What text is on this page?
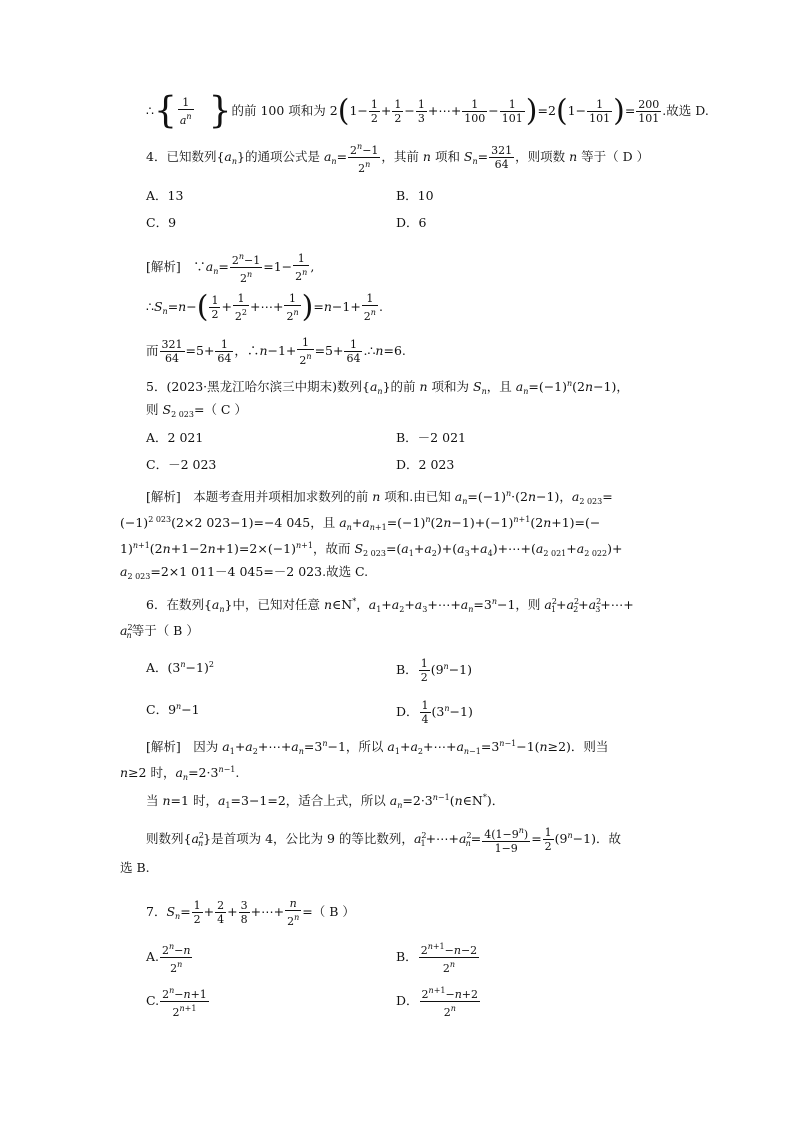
∴{ $\frac{1}{a^n}$ }的前 100 项和为 $2(1- \frac{1}{2} + \frac{1}{2} - \frac{1}{3}$ +⋯+ $\frac{1}{100} - \frac{1}{101} )=2(1- \frac{1}{101}$ )= $\frac{200}{101}$ .故选 D.
4．已知数列$\{a_n\}$的通项公式是 $a_n= \frac{2^n-1}{2^n}$ ，其前 n 项和 $S_n= \frac{321}{64}$ ，则项数 n 等于（ D ）
A．13	B．10
C．9	D．6
[解析]　$\because a_n= \frac{2^n-1}{2^n} =1- \frac{1}{2^n}$ ,
$\therefore S_n=n-( \frac{1}{2} + \frac{1}{2^2}$ +⋯+ $\frac{1}{2^n} )=n-1+ \frac{1}{2^n}$ .
而 $\frac{321}{64} =5+ \frac{1}{64}$ ，∴n−1+ $\frac{1}{2^n} =5+ \frac{1}{64}$ .∴n=6.
5．(2023·黑龙江哈尔滨三中期末)数列$\{a_n\}$的前 n 项和为 $S_n$，且 $a_n=(-1)^n(2n-1)$，
则 $S_{2 023}=$（ C ）
A．2 021	B．－2 021
C．－2 023	D．2 023
[解析]　 本题考查用并项相加求数列的前 n 项和.由已知 $a_n=(-1)^n\cdot(2n-1)$，$a_{2 023}=$
$(-1)^{2 023}(2\times 2$ 023−1)=−4 045，且 $a_n+a_{n+1}=(-1)^n(2n-1)+(-1)^{n+1}(2n+1)=(-$
$1)^{n+1}(2n+1-2n+1)=2\times(-1)^{n+1}$，故而 $S_{2 023}=(a_1+a_2)+(a_3+a_4)+\cdots+(a_{2 021}+a_{2 022})+$
$a_{2 023}=2\times 1$ 011－4 045=－2 023.故选 C.
6．在数列$\{a_n\}$中，已知对任意 n∈N*，$a_1+a_2+a_3+\cdots+a_n=3^n-1$，则 $a^2_1+a^2_2+a^2_3+\cdots+$
$a^2_n$等于（ B ）
A．$(3^n-1)^2$	B． $\frac{1}{2} (9^n-1)$
C．$9^n-1$	D． $\frac{1}{4} (3^n-1)$
[解析]　 因为 $a_1+a_2+\cdots+a_n=3^n-1$，所以 $a_1+a_2+\cdots+a_{n-1}=3^{n-1}-1(n\ge 2)$．则当
n≥2 时，$a_n=2\cdot 3^{n-1}$.
当 n=1 时，$a_1=3-1=2$，适合上式，所以 $a_n=2\cdot 3^{n-1}(n\in N^*)$．
则数列$\{a^2_n\}$是首项为 4，公比为 9 的等比数列，$a^2_1+\cdots+a^2_n= \frac{4(1-9^n)}{1-9} = \frac{1}{2} (9^n-1)$．故
选 B.
7．$S_n= \frac{1}{2} + \frac{2}{4} + \frac{3}{8}$ +⋯+ $\frac{n}{2^n}$ =（ B ）
A. $\frac{2^n-n}{2^n}$	B． $\frac{2^{n+1}-n-2}{2^n}$
C. $\frac{2^n-n+1}{2^{n+1}}$	D． $\frac{2^{n+1}-n+2}{2^n}$
